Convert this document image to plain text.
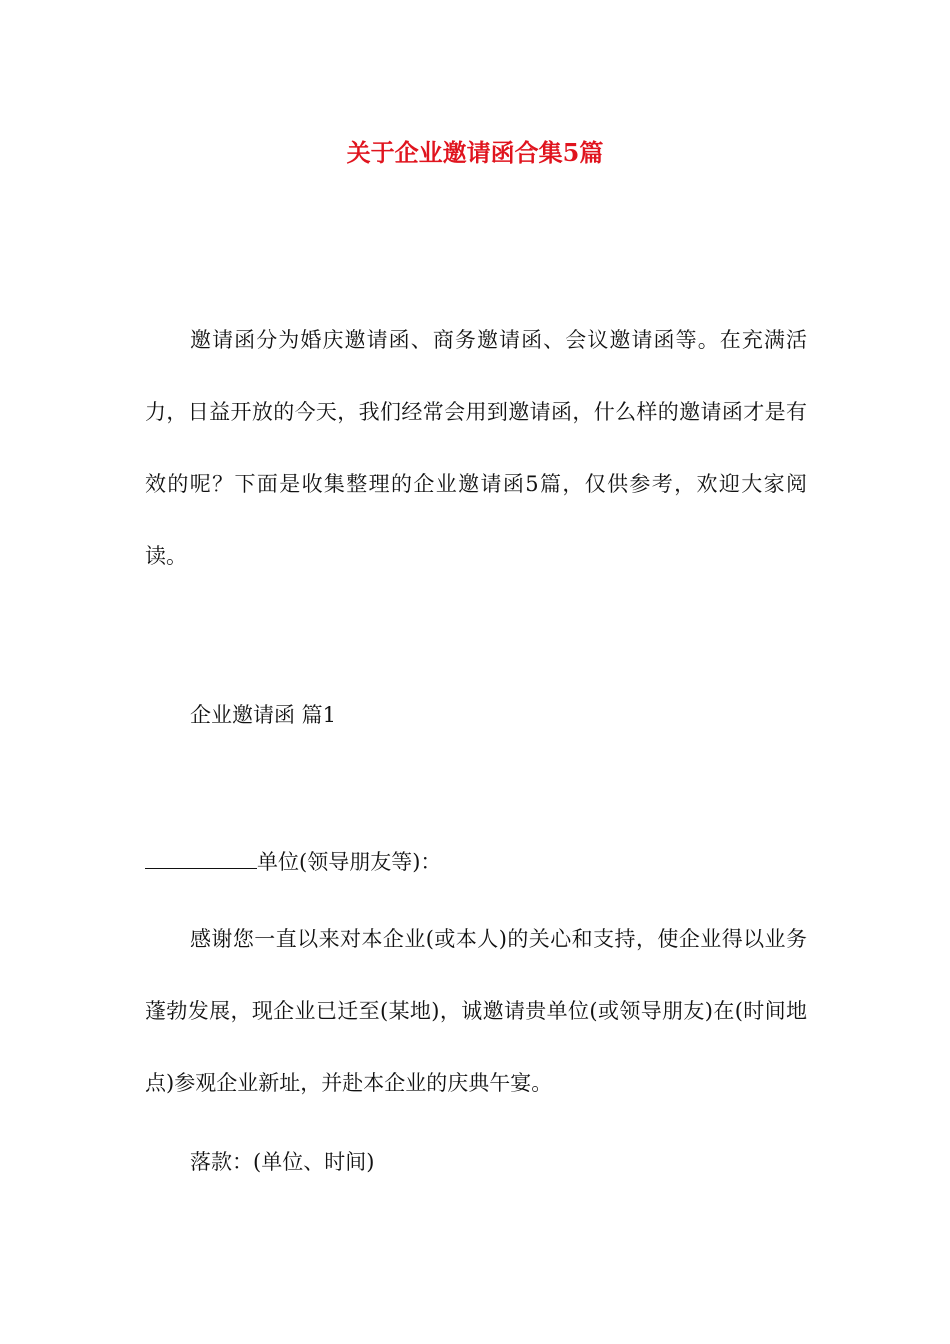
关于企业邀请函合集5篇

邀请函分为婚庆邀请函、商务邀请函、会议邀请函等。在充满活力，日益开放的今天，我们经常会用到邀请函，什么样的邀请函才是有效的呢？下面是收集整理的企业邀请函5篇，仅供参考，欢迎大家阅读。

企业邀请函 篇1

单位(领导朋友等)：

感谢您一直以来对本企业(或本人)的关心和支持，使企业得以业务蓬勃发展，现企业已迁至(某地)，诚邀请贵单位(或领导朋友)在(时间地点)参观企业新址，并赴本企业的庆典午宴。

落款：(单位、时间)
